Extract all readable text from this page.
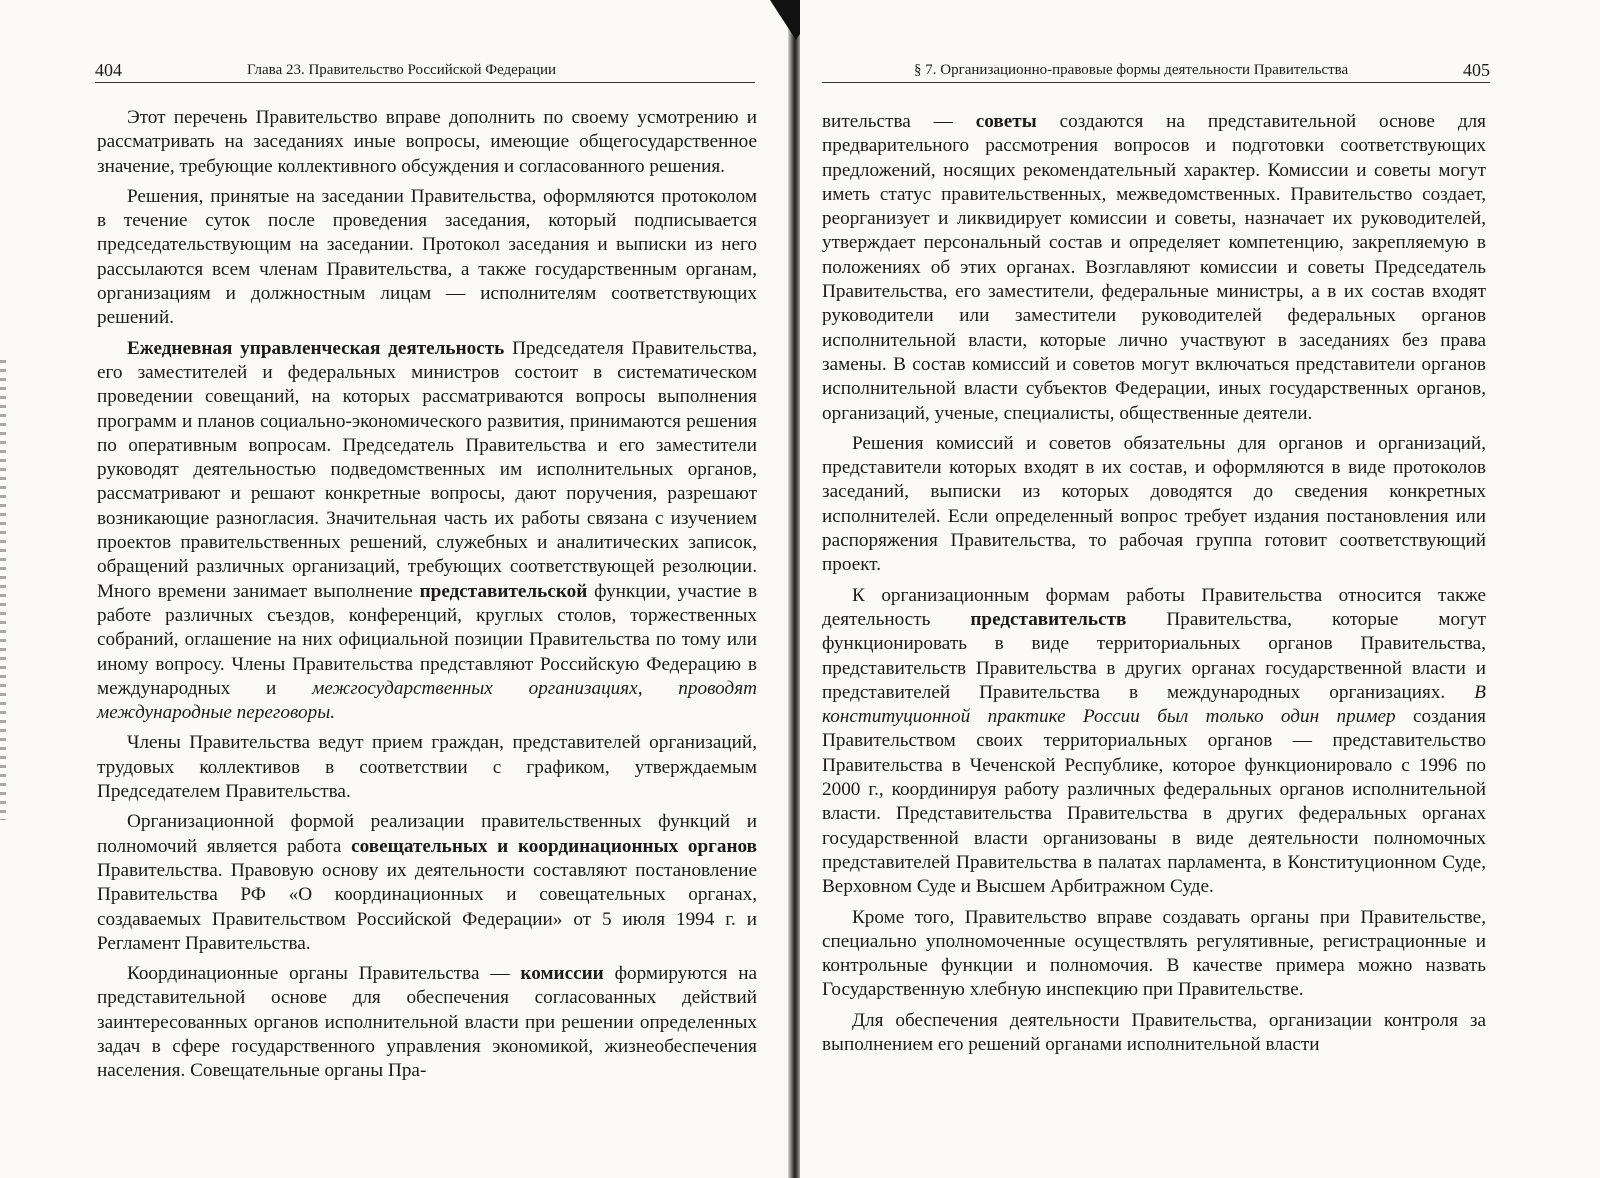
404	Глава 23. Правительство Российской Федерации

Этот перечень Правительство вправе дополнить по своему усмотрению и рассматривать на заседаниях иные вопросы, имеющие общегосударственное значение, требующие коллективного обсуждения и согласованного решения.

Решения, принятые на заседании Правительства, оформляются протоколом в течение суток после проведения заседания, который подписывается председательствующим на заседании. Протокол заседания и выписки из него рассылаются всем членам Правительства, а также государственным органам, организациям и должностным лицам — исполнителям соответствующих решений.

Ежедневная управленческая деятельность Председателя Правительства, его заместителей и федеральных министров состоит в систематическом проведении совещаний, на которых рассматриваются вопросы выполнения программ и планов социально-экономического развития, принимаются решения по оперативным вопросам. Председатель Правительства и его заместители руководят деятельностью подведомственных им исполнительных органов, рассматривают и решают конкретные вопросы, дают поручения, разрешают возникающие разногласия. Значительная часть их работы связана с изучением проектов правительственных решений, служебных и аналитических записок, обращений различных организаций, требующих соответствующей резолюции. Много времени занимает выполнение представительской функции, участие в работе различных съездов, конференций, круглых столов, торжественных собраний, оглашение на них официальной позиции Правительства по тому или иному вопросу. Члены Правительства представляют Российскую Федерацию в международных и межгосударственных организациях, проводят международные переговоры.

Члены Правительства ведут прием граждан, представителей организаций, трудовых коллективов в соответствии с графиком, утверждаемым Председателем Правительства.

Организационной формой реализации правительственных функций и полномочий является работа совещательных и координационных органов Правительства. Правовую основу их деятельности составляют постановление Правительства РФ «О координационных и совещательных органах, создаваемых Правительством Российской Федерации» от 5 июля 1994 г. и Регламент Правительства.

Координационные органы Правительства — комиссии формируются на представительной основе для обеспечения согласованных действий заинтересованных органов исполнительной власти при решении определенных задач в сфере государственного управления экономикой, жизнеобеспечения населения. Совещательные органы Пра-

§ 7. Организационно-правовые формы деятельности Правительства	405

вительства — советы создаются на представительной основе для предварительного рассмотрения вопросов и подготовки соответствующих предложений, носящих рекомендательный характер. Комиссии и советы могут иметь статус правительственных, межведомственных. Правительство создает, реорганизует и ликвидирует комиссии и советы, назначает их руководителей, утверждает персональный состав и определяет компетенцию, закрепляемую в положениях об этих органах. Возглавляют комиссии и советы Председатель Правительства, его заместители, федеральные министры, а в их состав входят руководители или заместители руководителей федеральных органов исполнительной власти, которые лично участвуют в заседаниях без права замены. В состав комиссий и советов могут включаться представители органов исполнительной власти субъектов Федерации, иных государственных органов, организаций, ученые, специалисты, общественные деятели.

Решения комиссий и советов обязательны для органов и организаций, представители которых входят в их состав, и оформляются в виде протоколов заседаний, выписки из которых доводятся до сведения конкретных исполнителей. Если определенный вопрос требует издания постановления или распоряжения Правительства, то рабочая группа готовит соответствующий проект.

К организационным формам работы Правительства относится также деятельность представительств Правительства, которые могут функционировать в виде территориальных органов Правительства, представительств Правительства в других органах государственной власти и представителей Правительства в международных организациях. В конституционной практике России был только один пример создания Правительством своих территориальных органов — представительство Правительства в Чеченской Республике, которое функционировало с 1996 по 2000 г., координируя работу различных федеральных органов исполнительной власти. Представительства Правительства в других федеральных органах государственной власти организованы в виде деятельности полномочных представителей Правительства в палатах парламента, в Конституционном Суде, Верховном Суде и Высшем Арбитражном Суде.

Кроме того, Правительство вправе создавать органы при Правительстве, специально уполномоченные осуществлять регулятивные, регистрационные и контрольные функции и полномочия. В качестве примера можно назвать Государственную хлебную инспекцию при Правительстве.

Для обеспечения деятельности Правительства, организации контроля за выполнением его решений органами исполнительной власти
